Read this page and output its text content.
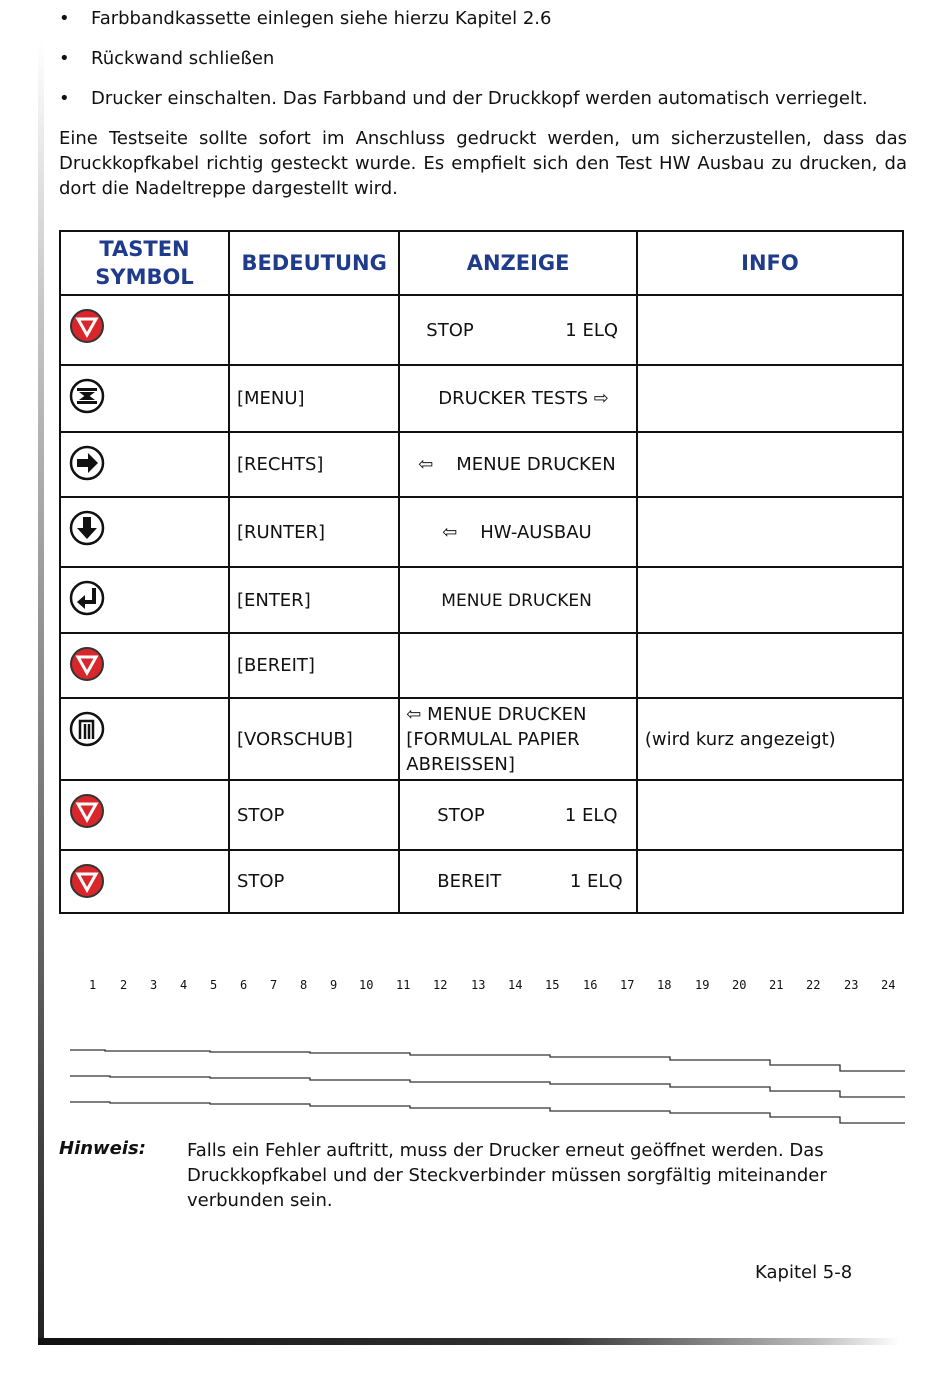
• Farbbandkassette einlegen siehe hierzu Kapitel 2.6
• Rückwand schließen
• Drucker einschalten. Das Farbband und der Druckkopf werden automatisch verriegelt.
Eine Testseite sollte sofort im Anschluss gedruckt werden, um sicherzustellen, dass das Druckkopfkabel richtig gesteckt wurde. Es empfielt sich den Test HW Ausbau zu drucken, da dort die Nadeltreppe dargestellt wird.
TASTEN SYMBOL	BEDEUTUNG	ANZEIGE	INFO

		STOP                1 ELQ	

	[MENU]	DRUCKER TESTS ⇨	

	[RECHTS]	⇦    MENUE DRUCKEN	

	[RUNTER]	⇦    HW-AUSBAU	

	[ENTER]	MENUE DRUCKEN	

	[BEREIT]		

	[VORSCHUB]	⇦ MENUE DRUCKEN [FORMULAL PAPIER ABREISSEN]	(wird kurz angezeigt)

	STOP	STOP              1 ELQ	

	STOP	BEREIT            1 ELQ	
1 2 3 4 5 6 7 8 9 10 11 12 13 14 15 16 17 18 19 20 21 22 23 24
Hinweis: Falls ein Fehler auftritt, muss der Drucker erneut geöffnet werden. Das Druckkopfkabel und der Steckverbinder müssen sorgfältig miteinander verbunden sein.
Kapitel 5-8
